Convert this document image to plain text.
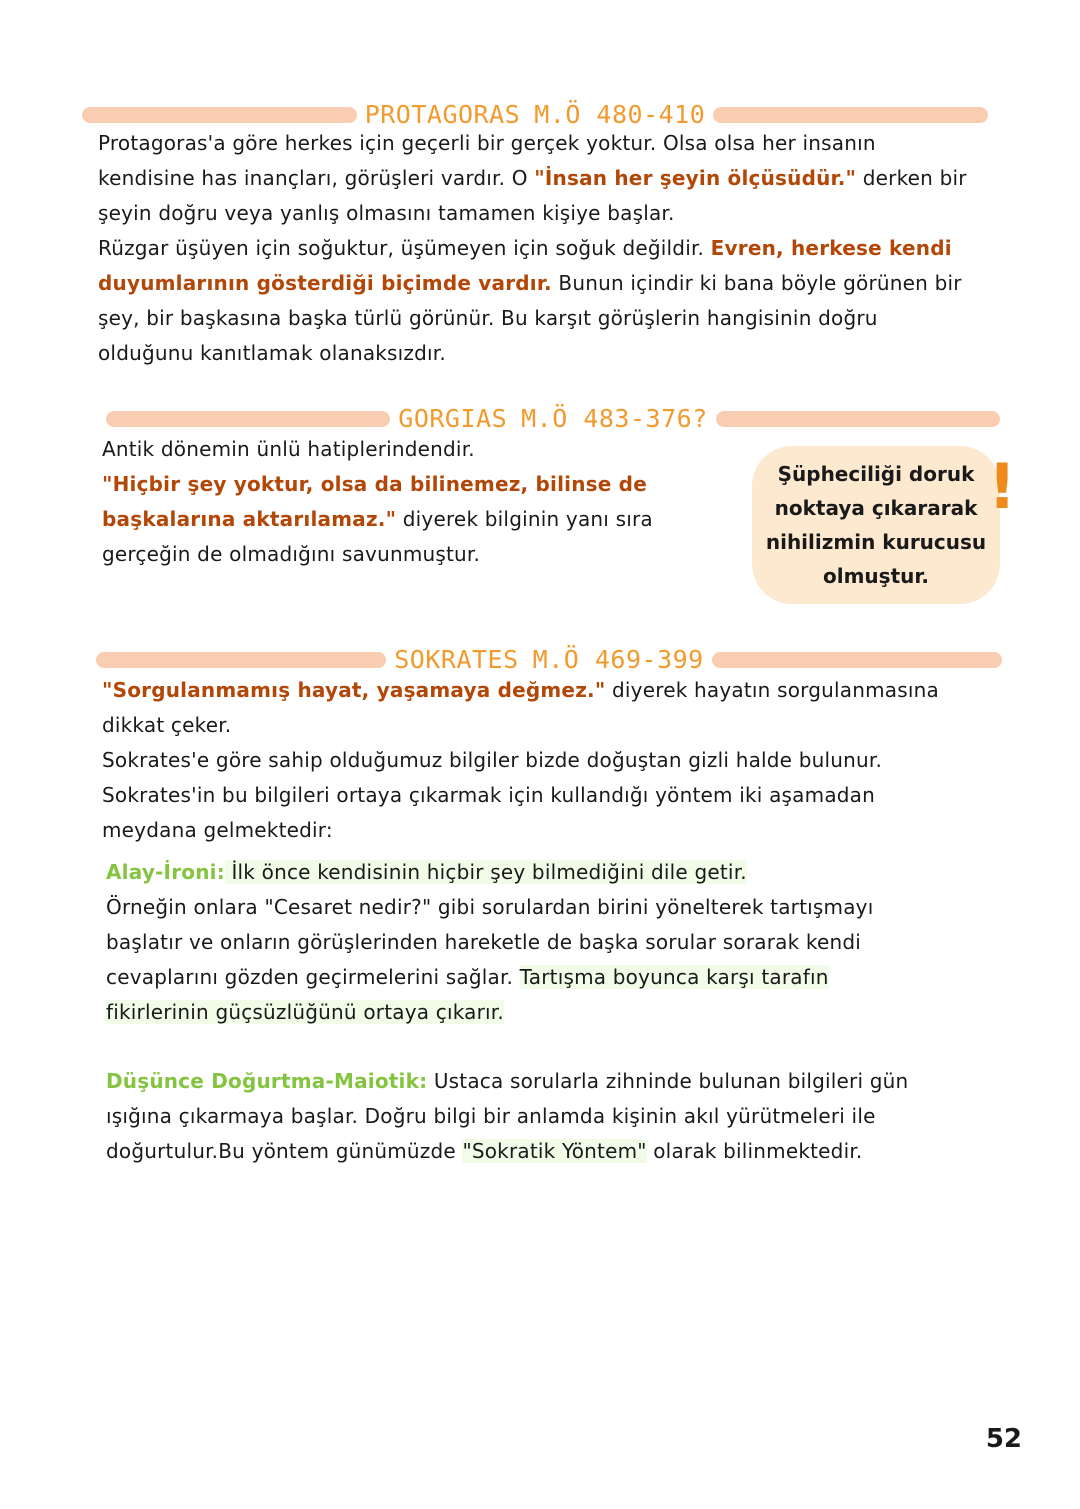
PROTAGORAS M.Ö 480-410

Protagoras'a göre herkes için geçerli bir gerçek yoktur. Olsa olsa her insanın

kendisine has inançları, görüşleri vardır. O "İnsan her şeyin ölçüsüdür." derken bir

şeyin doğru veya yanlış olmasını tamamen kişiye başlar.

Rüzgar üşüyen için soğuktur, üşümeyen için soğuk değildir. Evren, herkese kendi

duyumlarının gösterdiği biçimde vardır. Bunun içindir ki bana böyle görünen bir

şey, bir başkasına başka türlü görünür. Bu karşıt görüşlerin hangisinin doğru

olduğunu kanıtlamak olanaksızdır.

GORGIAS M.Ö 483-376?

Antik dönemin ünlü hatiplerindendir.

"Hiçbir şey yoktur, olsa da bilinemez, bilinse de

başkalarına aktarılamaz." diyerek bilginin yanı sıra

gerçeğin de olmadığını savunmuştur.

Şüpheciliği doruk
noktaya çıkararak
nihilizmin kurucusu
olmuştur.
!
SOKRATES M.Ö 469-399

"Sorgulanmamış hayat, yaşamaya değmez." diyerek hayatın sorgulanmasına

dikkat çeker.

Sokrates'e göre sahip olduğumuz bilgiler bizde doğuştan gizli halde bulunur.

Sokrates'in bu bilgileri ortaya çıkarmak için kullandığı yöntem iki aşamadan

meydana gelmektedir:

Alay-İroni: İlk önce kendisinin hiçbir şey bilmediğini dile getir.

Örneğin onlara "Cesaret nedir?" gibi sorulardan birini yönelterek tartışmayı

başlatır ve onların görüşlerinden hareketle de başka sorular sorarak kendi

cevaplarını gözden geçirmelerini sağlar. Tartışma boyunca karşı tarafın

fikirlerinin güçsüzlüğünü ortaya çıkarır.

Düşünce Doğurtma-Maiotik: Ustaca sorularla zihninde bulunan bilgileri gün

ışığına çıkarmaya başlar. Doğru bilgi bir anlamda kişinin akıl yürütmeleri ile

doğurtulur.Bu yöntem günümüzde "Sokratik Yöntem" olarak bilinmektedir.

52
